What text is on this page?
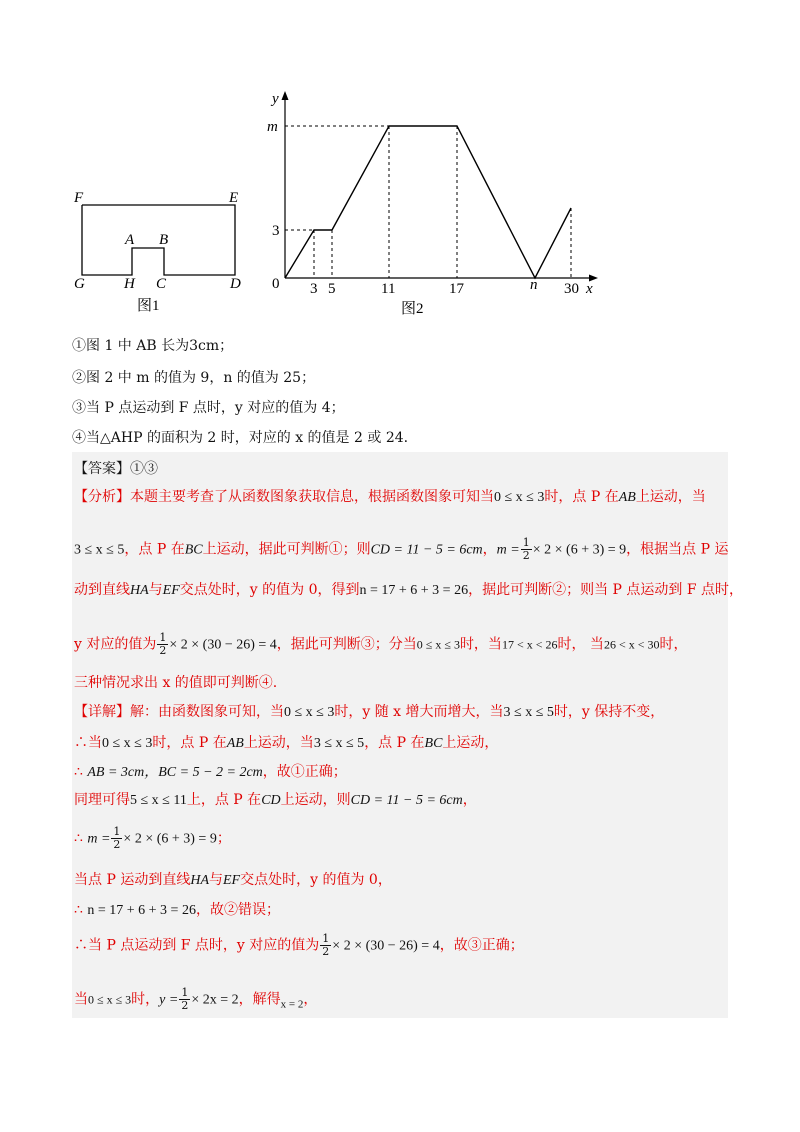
F	E
A B
G	H C	D
图1
y
x
0
m
3
3 5	11	17	n 30
图2
①图 1 中 AB 长为3cm；
②图 2 中 m 的值为 9，n 的值为 25；
③当 P 点运动到 F 点时，y 对应的值为 4；
④当△AHP 的面积为 2 时，对应的 x 的值是 2 或 24.
【答案】①③
【分析】本题主要考查了从函数图象获取信息，根据函数图象可知当0 ≤ x ≤ 3时，点 P 在AB上运动，当
3 ≤ x ≤ 5，点 P 在BC上运动，据此可判断①；则CD = 11 − 5 = 6cm，$m = \frac{1}{2} \times 2 \times (6 + 3) = 9$，根据当点 P 运
动到直线HA与EF交点处时，y 的值为 0，得到n = 17 + 6 + 3 = 26，据此可判断②；则当 P 点运动到 F 点时，
y 对应的值为 $\frac{1}{2} \times 2 \times (30 - 26) = 4$，据此可判断③；分当0 ≤ x ≤ 3时，当17 < x < 26时， 当26 < x < 30时，
三种情况求出 x 的值即可判断④.
【详解】解：由函数图象可知，当0 ≤ x ≤ 3时，y 随 x 增大而增大，当3 ≤ x ≤ 5时，y 保持不变，
∴当0 ≤ x ≤ 3时，点 P 在AB上运动，当3 ≤ x ≤ 5，点 P 在BC上运动，
∴ AB = 3cm，BC = 5 − 2 = 2cm，故①正确；
同理可得5 ≤ x ≤ 11上，点 P 在CD上运动，则CD = 11 − 5 = 6cm，
∴ $m = \frac{1}{2} \times 2 \times (6 + 3) = 9$；
当点 P 运动到直线HA与EF交点处时，y 的值为 0，
∴ n = 17 + 6 + 3 = 26，故②错误；
∴当 P 点运动到 F 点时，y 对应的值为 $\frac{1}{2} \times 2 \times (30 - 26) = 4$，故③正确；
当0 ≤ x ≤ 3时，$y = \frac{1}{2} \times 2x = 2$，解得$_{x = 2}$，
